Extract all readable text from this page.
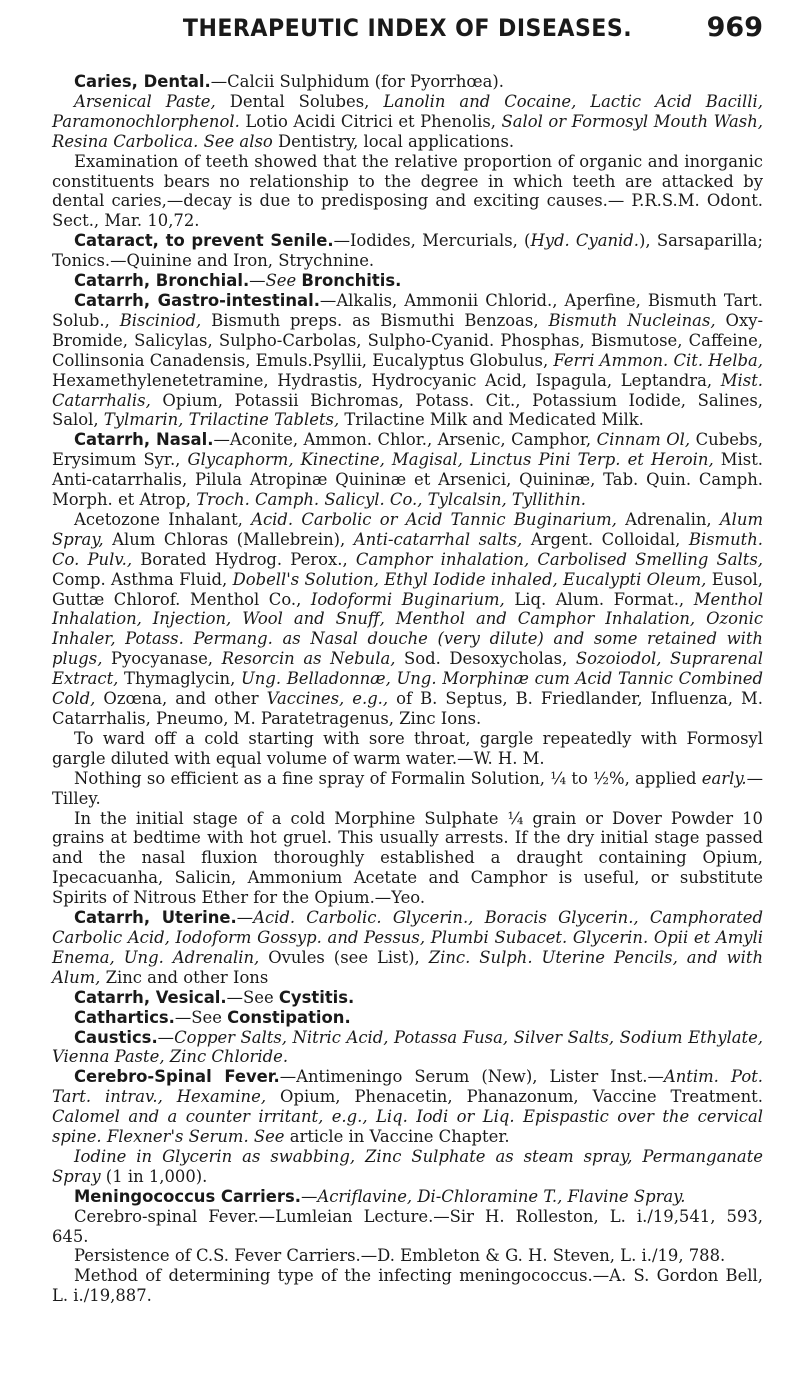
THERAPEUTIC INDEX OF DISEASES.	969

Caries, Dental.—Calcii Sulphidum (for Pyorrhœa).

Arsenical Paste, Dental Solubes, Lanolin and Cocaine, Lactic Acid Bacilli, Paramonochlorphenol. Lotio Acidi Citrici et Phenolis, Salol or Formosyl Mouth Wash, Resina Carbolica. See also Dentistry, local applications.

Examination of teeth showed that the relative proportion of organic and inorganic constituents bears no relationship to the degree in which teeth are attacked by dental caries,—decay is due to predisposing and exciting causes.— P.R.S.M. Odont. Sect., Mar. 10,72.

Cataract, to prevent Senile.—Iodides, Mercurials, (Hyd. Cyanid.), Sarsaparilla; Tonics.—Quinine and Iron, Strychnine.

Catarrh, Bronchial.—See Bronchitis.

Catarrh, Gastro-intestinal.—Alkalis, Ammonii Chlorid., Aperfine, Bismuth Tart. Solub., Bisciniod, Bismuth preps. as Bismuthi Benzoas, Bismuth Nucleinas, Oxy-Bromide, Salicylas, Sulpho-Carbolas, Sulpho-Cyanid. Phosphas, Bismutose, Caffeine, Collinsonia Canadensis, Emuls.Psyllii, Eucalyptus Globulus, Ferri Ammon. Cit. Helba, Hexamethylenetetramine, Hydrastis, Hydrocyanic Acid, Ispagula, Leptandra, Mist. Catarrhalis, Opium, Potassii Bichromas, Potass. Cit., Potassium Iodide, Salines, Salol, Tylmarin, Trilactine Tablets, Trilactine Milk and Medicated Milk.

Catarrh, Nasal.—Aconite, Ammon. Chlor., Arsenic, Camphor, Cinnam Ol, Cubebs, Erysimum Syr., Glycaphorm, Kinectine, Magisal, Linctus Pini Terp. et Heroin, Mist. Anti-catarrhalis, Pilula Atropinæ Quininæ et Arsenici, Quininæ, Tab. Quin. Camph. Morph. et Atrop, Troch. Camph. Salicyl. Co., Tylcalsin, Tyllithin.

Acetozone Inhalant, Acid. Carbolic or Acid Tannic Buginarium, Adrenalin, Alum Spray, Alum Chloras (Mallebrein), Anti-catarrhal salts, Argent. Colloidal, Bismuth. Co. Pulv., Borated Hydrog. Perox., Camphor inhalation, Carbolised Smelling Salts, Comp. Asthma Fluid, Dobell's Solution, Ethyl Iodide inhaled, Eucalypti Oleum, Eusol, Guttæ Chlorof. Menthol Co., Iodoformi Buginarium, Liq. Alum. Format., Menthol Inhalation, Injection, Wool and Snuff, Menthol and Camphor Inhalation, Ozonic Inhaler, Potass. Permang. as Nasal douche (very dilute) and some retained with plugs, Pyocyanase, Resorcin as Nebula, Sod. Desoxycholas, Sozoiodol, Suprarenal Extract, Thymaglycin, Ung. Belladonnæ, Ung. Morphinæ cum Acid Tannic Combined Cold, Ozœna, and other Vaccines, e.g., of B. Septus, B. Friedlander, Influenza, M. Catarrhalis, Pneumo, M. Paratetragenus, Zinc Ions.

To ward off a cold starting with sore throat, gargle repeatedly with Formosyl gargle diluted with equal volume of warm water.—W. H. M.

Nothing so efficient as a fine spray of Formalin Solution, ¼ to ½%, applied early.—Tilley.

In the initial stage of a cold Morphine Sulphate ¼ grain or Dover Powder 10 grains at bedtime with hot gruel. This usually arrests. If the dry initial stage passed and the nasal fluxion thoroughly established a draught containing Opium, Ipecacuanha, Salicin, Ammonium Acetate and Camphor is useful, or substitute Spirits of Nitrous Ether for the Opium.—Yeo.

Catarrh, Uterine.—Acid. Carbolic. Glycerin., Boracis Glycerin., Camphorated Carbolic Acid, Iodoform Gossyp. and Pessus, Plumbi Subacet. Glycerin. Opii et Amyli Enema, Ung. Adrenalin, Ovules (see List), Zinc. Sulph. Uterine Pencils, and with Alum, Zinc and other Ions

Catarrh, Vesical.—See Cystitis.

Cathartics.—See Constipation.

Caustics.—Copper Salts, Nitric Acid, Potassa Fusa, Silver Salts, Sodium Ethylate, Vienna Paste, Zinc Chloride.

Cerebro-Spinal Fever.—Antimeningo Serum (New), Lister Inst.—Antim. Pot. Tart. intrav., Hexamine, Opium, Phenacetin, Phanazonum, Vaccine Treatment. Calomel and a counter irritant, e.g., Liq. Iodi or Liq. Epispastic over the cervical spine. Flexner's Serum. See article in Vaccine Chapter.

Iodine in Glycerin as swabbing, Zinc Sulphate as steam spray, Permanganate Spray (1 in 1,000).

Meningococcus Carriers.—Acriflavine, Di-Chloramine T., Flavine Spray.

Cerebro-spinal Fever.—Lumleian Lecture.—Sir H. Rolleston, L. i./19,541, 593, 645.

Persistence of C.S. Fever Carriers.—D. Embleton & G. H. Steven, L. i./19, 788.

Method of determining type of the infecting meningococcus.—A. S. Gordon Bell, L. i./19,887.
